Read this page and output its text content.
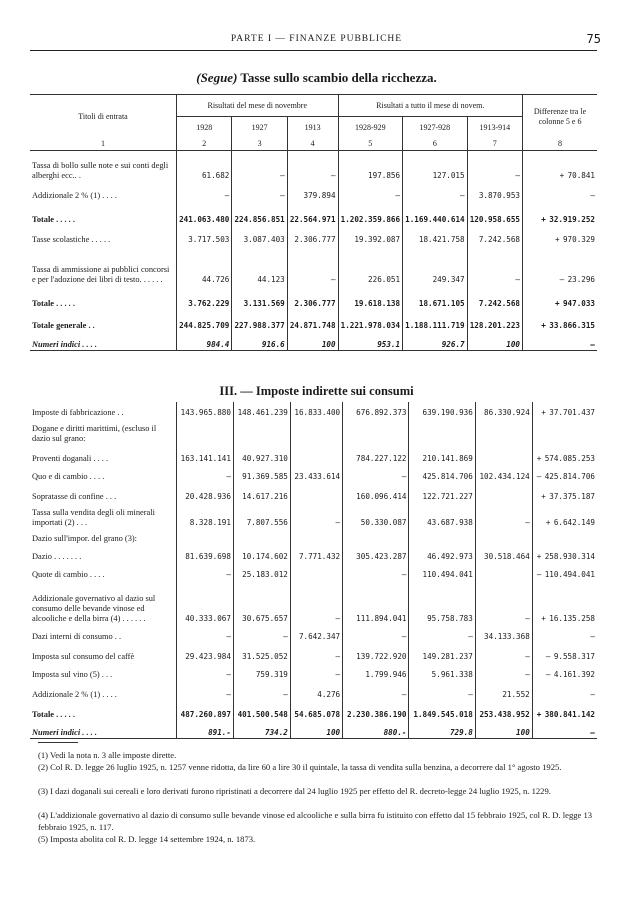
PARTE I — FINANZE PUBBLICHE	75
(Segue) Tasse sullo scambio della ricchezza.
Titoli di entrata	Risultati del mese di novembre			Risultati a tutto il mese di novem.			Differenze tra le colonne 5 e 6
	1928	1927	1913	1928-929	1927-928	1913-914	
1	2	3	4	5	6	7	8
Tassa di bollo sulle note e sui conti degli alberghi ecc.. .	61.682	—	—	197.856	127.015	—	+ 70.841
Addizionale 2 % (1) . . . .	—	—	379.894	—	—	3.870.953	—
Totale . . . . .	241.063.480	224.856.851	22.564.971	1.202.359.866	1.169.440.614	120.958.655	+ 32.919.252
Tasse scolastiche . . . . .	3.717.503	3.087.403	2.306.777	19.392.087	18.421.758	7.242.568	+ 970.329
Tassa di ammissione ai pubblici concorsi e per l'adozione dei libri di testo. . . . . .	44.726	44.123	—	226.051	249.347	—	— 23.296
Totale . . . . .	3.762.229	3.131.569	2.306.777	19.618.138	18.671.105	7.242.568	+ 947.033
Totale generale . .	244.825.709	227.988.377	24.871.748	1.221.978.034	1.188.111.719	128.201.223	+ 33.866.315
Numeri indici . . . .	984.4	916.6	100	953.1	926.7	100	—
III. — Imposte indirette sui consumi
Imposte di fabbricazione . .	143.965.880	148.461.239	16.833.400	676.892.373	639.190.936	86.330.924	+ 37.701.437
Dogane e diritti marittimi, (escluso il dazio sul grano:							
Proventi doganali . . . .	163.141.141	40.927.310		784.227.122	210.141.869		+ 574.085.253
Quo e di cambio . . . .	—	91.369.585	23.433.614	—	425.814.706	102.434.124	— 425.814.706
Sopratasse di confine . . .	20.428.936	14.617.216		160.096.414	122.721.227		+ 37.375.187
Tassa sulla vendita degli oli minerali importati (2) . . .	8.328.191	7.807.556	—	50.330.087	43.687.938	—	+ 6.642.149
Dazio sull'impor. del grano (3):							
Dazio . . . . . . .	81.639.698	10.174.602	7.771.432	305.423.287	46.492.973	30.518.464	+ 258.930.314
Quote di cambio . . . .	—	25.183.012		—	110.494.041		— 110.494.041
Addizionale governativo al dazio sul consumo delle bevande vinose ed alcooliche e della birra (4) . . . . . .	40.333.067	30.675.657	—	111.894.041	95.758.783	—	+ 16.135.258
Dazi interni di consumo . .	—	—	7.642.347	—	—	34.133.368	—
Imposta sul consumo del caffè	29.423.984	31.525.052	—	139.722.920	149.281.237	—	— 9.558.317
Imposta sul vino (5) . . .	—	759.319	—	1.799.946	5.961.338	—	— 4.161.392
Addizionale 2 % (1) . . . .	—	—	4.276	—	—	21.552	—
Totale . . . . .	487.260.897	401.500.548	54.685.078	2.230.386.190	1.849.545.018	253.438.952	+ 380.841.142
Numeri indici . . . .	891.-	734.2	100	880.-	729.8	100	—
(1) Vedi la nota n. 3 alle imposte dirette.
(2) Col R. D. legge 26 luglio 1925, n. 1257 venne ridotta, da lire 60 a lire 30 il quintale, la tassa di vendita sulla benzina, a decorrere dal 1° agosto 1925.
(3) I dazi doganali sui cereali e loro derivati furono ripristinati a decorrere dal 24 luglio 1925 per effetto del R. decreto-legge 24 luglio 1925, n. 1229.
(4) L'addizionale governativo al dazio di consumo sulle bevande vinose ed alcooliche e sulla birra fu istituito con effetto dal 15 febbraio 1925, col R. D. legge 13 febbraio 1925, n. 117.
(5) Imposta abolita col R. D. legge 14 settembre 1924, n. 1873.
